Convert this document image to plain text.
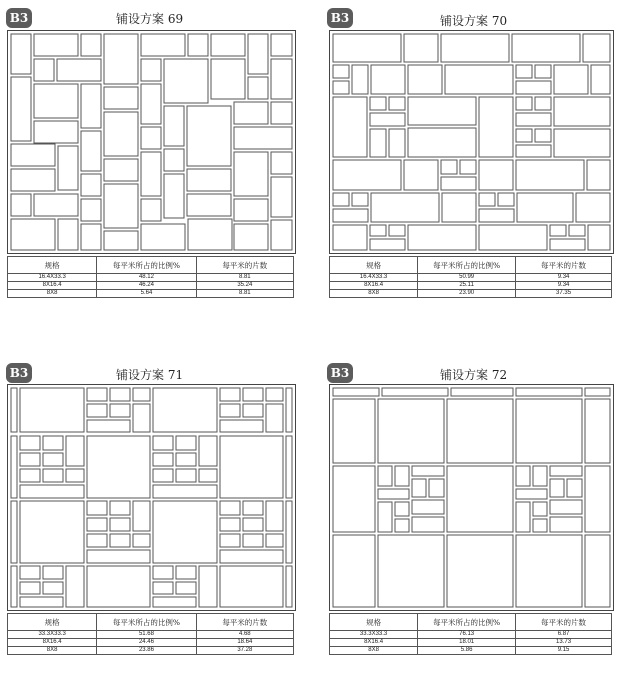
B3	铺设方案 69
规格	每平米所占的比例%	每平米的片数
16.4X33.3	48.12	8.81
8X16.4	46.24	35.24
8X8	5.64	8.81
B3	铺设方案 70
规格	每平米所占的比例%	每平米的片数
16.4X33.3	50.99	9.34
8X16.4	25.11	9.34
8X8	23.90	37.35
B3	铺设方案 71
规格	每平米所占的比例%	每平米的片数
33.3X33.3	51.68	4.68
8X16.4	24.46	18.64
8X8	23.86	37.28
B3	铺设方案 72
规格	每平米所占的比例%	每平米的片数
33.3X33.3	76.13	6.87
8X16.4	18.01	13.73
8X8	5.86	9.15
